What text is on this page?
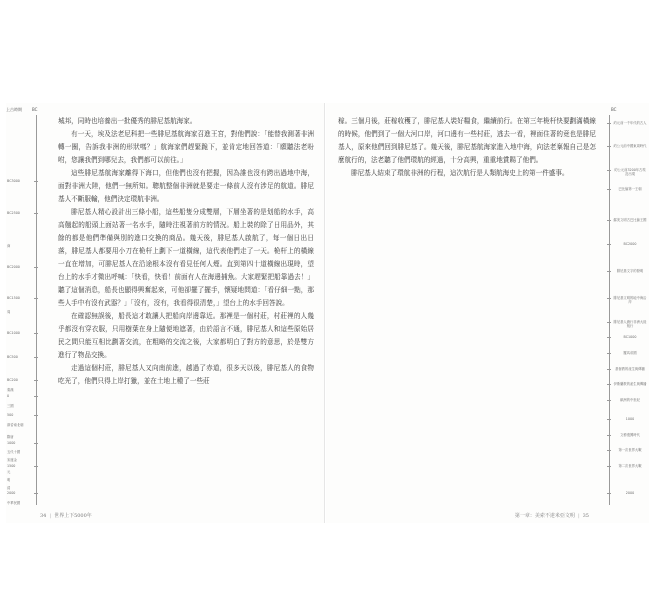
上古時期	BC
BC3000
BC2500
BC2000
BC1500
BC1000
BC500
BC200
0
500
1000
1500
2000
商
周
秦漢
三國
兩晉南北朝
隋唐
五代十國
宋遼金
元
明
清
中華民國

城邦，同時也培養出一批優秀的腓尼基航海家。

有一天，埃及法老尼科把一些腓尼基航海家召進王宮，對他們說：「能替我測著非洲轉一圈，告訴我非洲的形狀嗎？」航海家們趕緊跪下，並肯定地回答道：「願聽法老吩咐，您讓我們到哪兒去，我們都可以前往。」

這些腓尼基航海家離得下海口，但他們也沒有把握，因為誰也沒有跨出過地中海，面對非洲大陸，他們一無所知。聰航整個非洲就是要走一條前人沒有涉足的航道。腓尼基人不斷服輸，他們決定環航非洲。

腓尼基人精心設計出三條小船，這些船隻分成雙層，下層坐著的是划船的水手，高高翹起的船頭上面站著一名水手，隨時注視著前方的情況。船上裝的除了日用品外，其餘的都是他們準備與別的進口交換的商品。幾天後，腓尼基人啟航了，每一個日出日落，腓尼基人都要用小刀在桅杆上劃下一道橫線，這代表他們走了一天。桅杆上的橫線一直在增加，可腓尼基人在沿途根本沒有看見任何人煙。直到第四十道橫線出現時，望台上的水手才微出呼喊：「快看，快看！前面有人在海邊捕魚。大家趕緊把船靠過去！」聽了這個消息，船長也顯得興奮起來，可他卻擺了擺手，懷疑地問道：「看仔細一點，那些人手中有沒有武器？」「沒有，沒有，我看得很清楚，」望台上的水手回答說。

在確認無誤後，船長這才敢讓人把船向岸邊靠近。那裡是一個村莊，村莊裡的人幾乎都沒有穿衣服，只用樹葉在身上隨便地遮著，由於語言不通，腓尼基人和這些原始居民之間只能互相比劃著交流，在粗略的交流之後，大家都明白了對方的意思，於是雙方進行了物品交換。

走過這個村莊，腓尼基人又向南前進，越過了赤道，很多天以後，腓尼基人的食物吃光了，他們只得上岸打獵，並在土地上種了一些莊

34 | 世界上下5000年

稼。三個月後，莊稼收穫了，腓尼基人裝好糧食，繼續前行。在第三年桅杆快要劃滿橫線的時候，他們到了一個大河口岸，河口邊有一些村莊，逃去一看，裡面住著的竟也是腓尼基人，原來他們回到腓尼基了。幾天後，腓尼基航海家進入地中海，向法老稟報自己是怎麼航行的，法老聽了他們環航的經過，十分高興，重重地賞賜了他們。

腓尼基人結束了環航非洲的行程，這次航行是人類航海史上的第一件盛事。

BC
約元前一千年代的古人
約公元前中國東周時代
約公元前3200年古埃及出現
巴比倫第一王朝
蘇美文明古巴比倫王國
BC2000
腓尼基文字的發明
腓尼基文明的地中海沿岸
腓尼基人繞行非洲大陸航行
BC1000
羅馬帝國
基督教的產生與傳播
伊斯蘭教的產生與傳播
歐洲的中世紀
1000
文藝復興時代
第一次世界大戰
第二次世界大戰
2000
第一章：美索不達米亞文明 | 35
